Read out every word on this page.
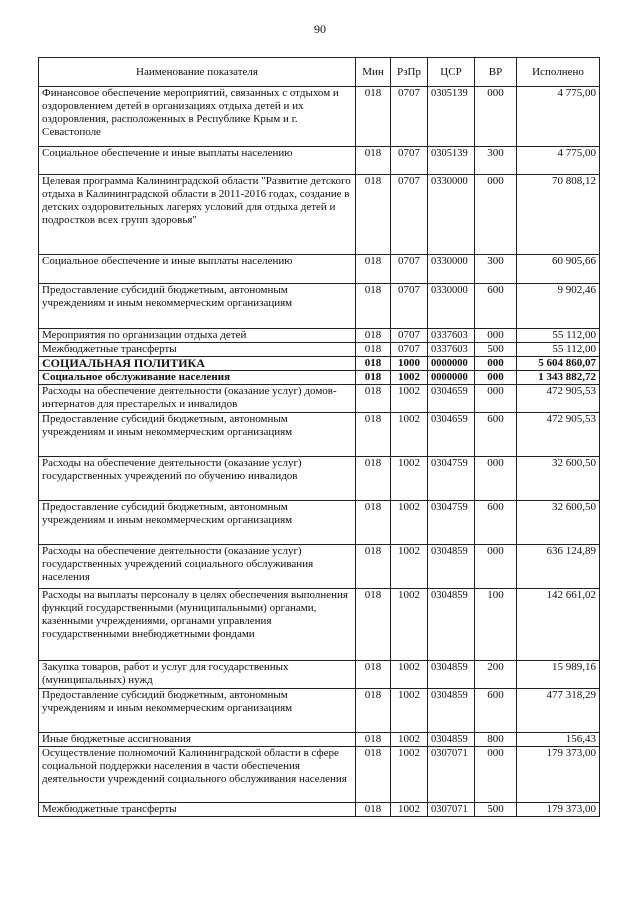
90
Наименование показателя	Мин	РзПр	ЦСР	ВР	Исполнено
Финансовое обеспечение мероприятий, связанных с отдыхом и оздоровлением детей в организациях отдыха детей и их оздоровления, расположенных в Республике Крым и г. Севастополе	018	0707	0305139	000	4 775,00
Социальное обеспечение и иные выплаты населению	018	0707	0305139	300	4 775,00
Целевая программа Калининградской области "Развитие детского отдыха в Калининградской области в 2011-2016 годах, создание в детских оздоровительных лагерях условий для отдыха детей и подростков всех групп здоровья"	018	0707	0330000	000	70 808,12
Социальное обеспечение и иные выплаты населению	018	0707	0330000	300	60 905,66
Предоставление субсидий бюджетным, автономным учреждениям и иным некоммерческим организациям	018	0707	0330000	600	9 902,46
Мероприятия по организации отдыха детей	018	0707	0337603	000	55 112,00
Межбюджетные трансферты	018	0707	0337603	500	55 112,00
СОЦИАЛЬНАЯ ПОЛИТИКА	018	1000	0000000	000	5 604 860,07
Социальное обслуживание населения	018	1002	0000000	000	1 343 882,72
Расходы на обеспечение деятельности (оказание услуг) домов-интернатов для престарелых и инвалидов	018	1002	0304659	000	472 905,53
Предоставление субсидий бюджетным, автономным учреждениям и иным некоммерческим организациям	018	1002	0304659	600	472 905,53
Расходы на обеспечение деятельности (оказание услуг) государственных учреждений по обучению инвалидов	018	1002	0304759	000	32 600,50
Предоставление субсидий бюджетным, автономным учреждениям и иным некоммерческим организациям	018	1002	0304759	600	32 600,50
Расходы на обеспечение деятельности (оказание услуг) государственных учреждений социального обслуживания населения	018	1002	0304859	000	636 124,89
Расходы на выплаты персоналу в целях обеспечения выполнения функций государственными (муниципальными) органами, казенными учреждениями, органами управления государственными внебюджетными фондами	018	1002	0304859	100	142 661,02
Закупка товаров, работ и услуг для государственных (муниципальных) нужд	018	1002	0304859	200	15 989,16
Предоставление субсидий бюджетным, автономным учреждениям и иным некоммерческим организациям	018	1002	0304859	600	477 318,29
Иные бюджетные ассигнования	018	1002	0304859	800	156,43
Осуществление полномочий Калининградской области в сфере социальной поддержки населения в части обеспечения деятельности учреждений социального обслуживания населения	018	1002	0307071	000	179 373,00
Межбюджетные трансферты	018	1002	0307071	500	179 373,00
